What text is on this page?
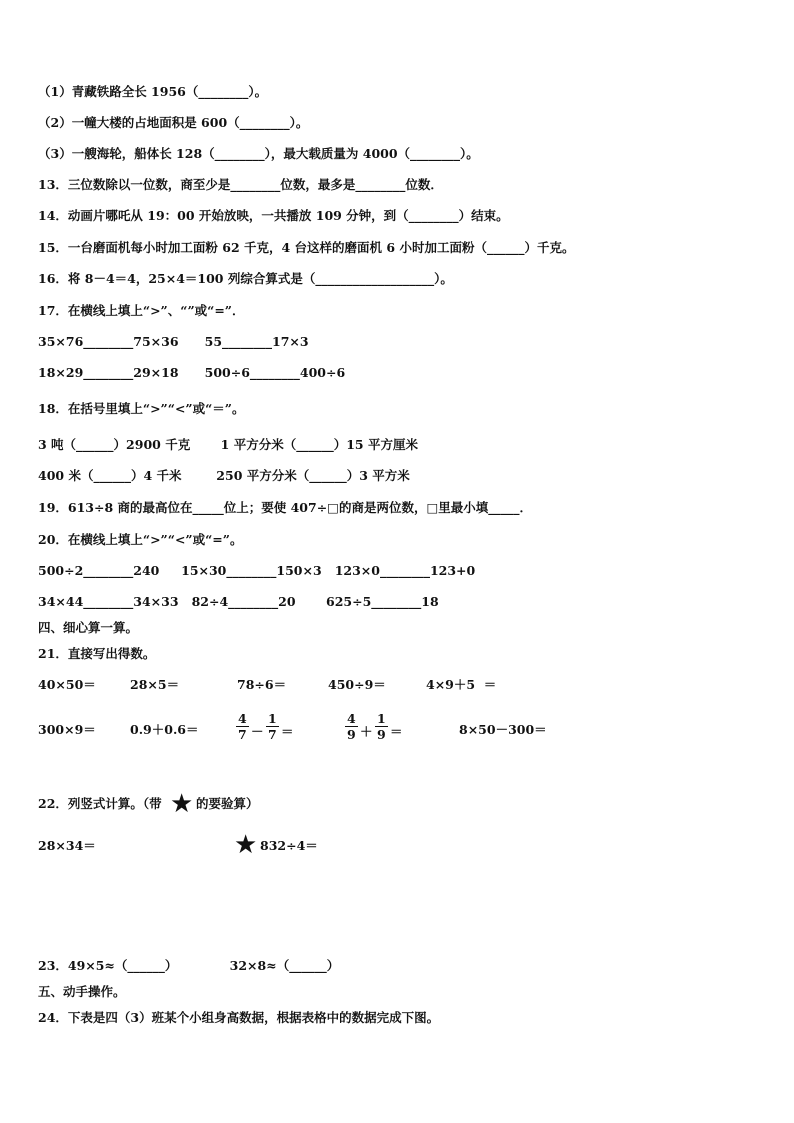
（1）青藏铁路全长 1956（________）。
（2）一幢大楼的占地面积是 600（________）。
（3）一艘海轮，船体长 128（________），最大载质量为 4000（________）。
13．三位数除以一位数，商至少是________位数，最多是________位数．
14．动画片哪吒从 19：00 开始放映，一共播放 109 分钟，到（________）结束。
15．一台磨面机每小时加工面粉 62 千克，4 台这样的磨面机 6 小时加工面粉（______）千克。
16．将 8－4＝4，25×4＝100 列综合算式是（___________________）。
17．在横线上填上“>”、“”或“=”．
35×76________75×36      55________17×3
18×29________29×18      500÷6________400÷6
18．在括号里填上“>”“<”或“＝”。
3 吨（______）2900 千克       1 平方分米（______）15 平方厘米
400 米（______）4 千米        250 平方分米（______）3 平方米
19．613÷8 商的最高位在_____位上；要使 407÷□的商是两位数，□里最小填_____．
20．在横线上填上“>”“<”或“=”。
500÷2________240     15×30________150×3   123×0________123+0
34×44________34×33   82÷4________20       625÷5________18
四、细心算一算。
21．直接写出得数。
40×50＝	28×5＝	78÷6＝	450÷9＝	4×9＋5  ＝
300×9＝	0.9＋0.6＝	$\frac{4}{7} - \frac{1}{7}$ ＝	$\frac{4}{9} + \frac{1}{9}$ ＝	8×50－300＝
22．列竖式计算。（带 ★ 的要验算）
28×34＝	★ 832÷4＝
23．49×5≈（______）            32×8≈（______）
五、动手操作。
24．下表是四（3）班某个小组身高数据，根据表格中的数据完成下图。
